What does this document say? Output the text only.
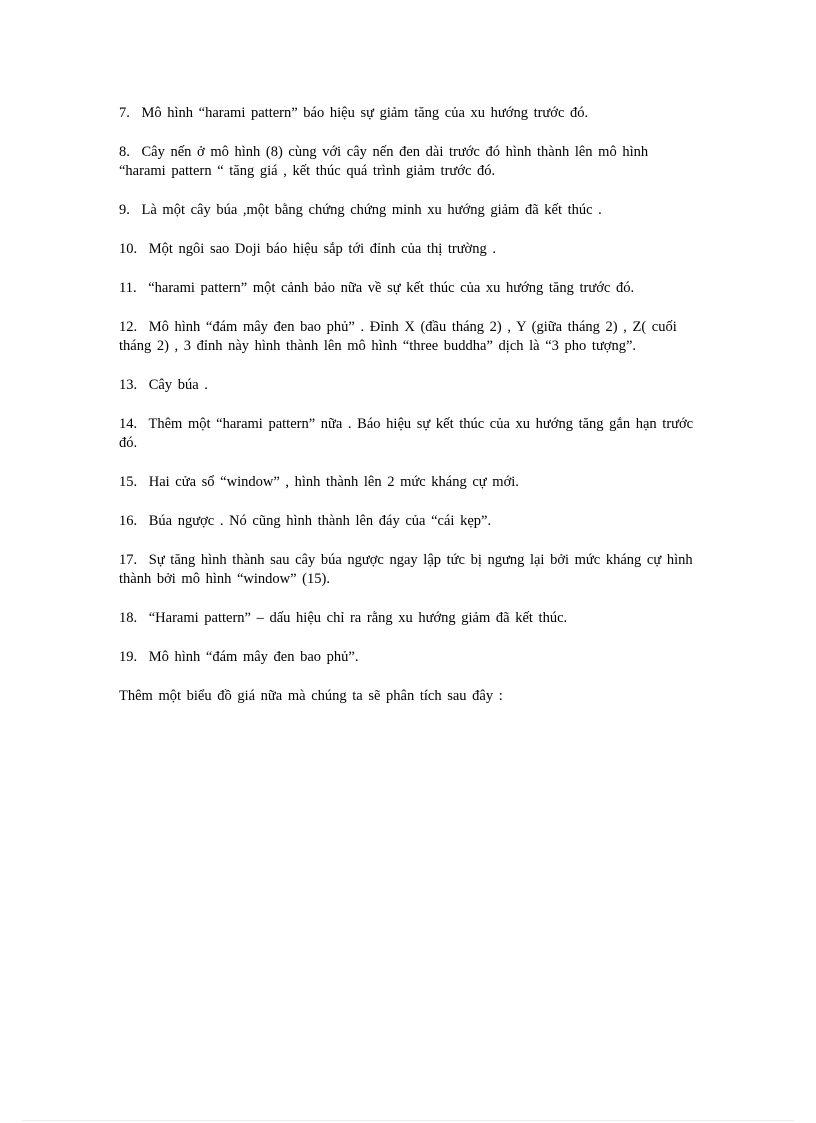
7. Mô hình “harami pattern” báo hiệu sự giảm tăng của xu hướng trước đó.

8. Cây nến ở mô hình (8) cùng với cây nến đen dài trước đó hình thành lên mô hình “harami pattern “ tăng giá , kết thúc quá trình giảm trước đó.

9. Là một cây búa ,một bằng chứng chứng minh xu hướng giảm đã kết thúc .

10. Một ngôi sao Doji báo hiệu sắp tới đỉnh của thị trường .

11. “harami pattern” một cảnh bảo nữa về sự kết thúc của xu hướng tăng trước đó.

12. Mô hình “đám mây đen bao phủ” . Đỉnh X (đầu tháng 2) , Y (giữa tháng 2) , Z( cuối tháng 2) , 3 đỉnh này hình thành lên mô hình “three buddha” dịch là “3 pho tượng”.

13. Cây búa .

14. Thêm một “harami pattern” nữa . Báo hiệu sự kết thúc của xu hướng tăng gắn hạn trước đó.

15. Hai cửa sổ “window” , hình thành lên 2 mức kháng cự mới.

16. Búa ngược . Nó cũng hình thành lên đáy của “cái kẹp”.

17. Sự tăng hình thành sau cây búa ngược ngay lập tức bị ngưng lại bởi mức kháng cự hình thành bởi mô hình “window” (15).

18. “Harami pattern” – dấu hiệu chỉ ra rằng xu hướng giảm đã kết thúc.

19. Mô hình “đám mây đen bao phủ”.

Thêm một biểu đồ giá nữa mà chúng ta sẽ phân tích sau đây :
